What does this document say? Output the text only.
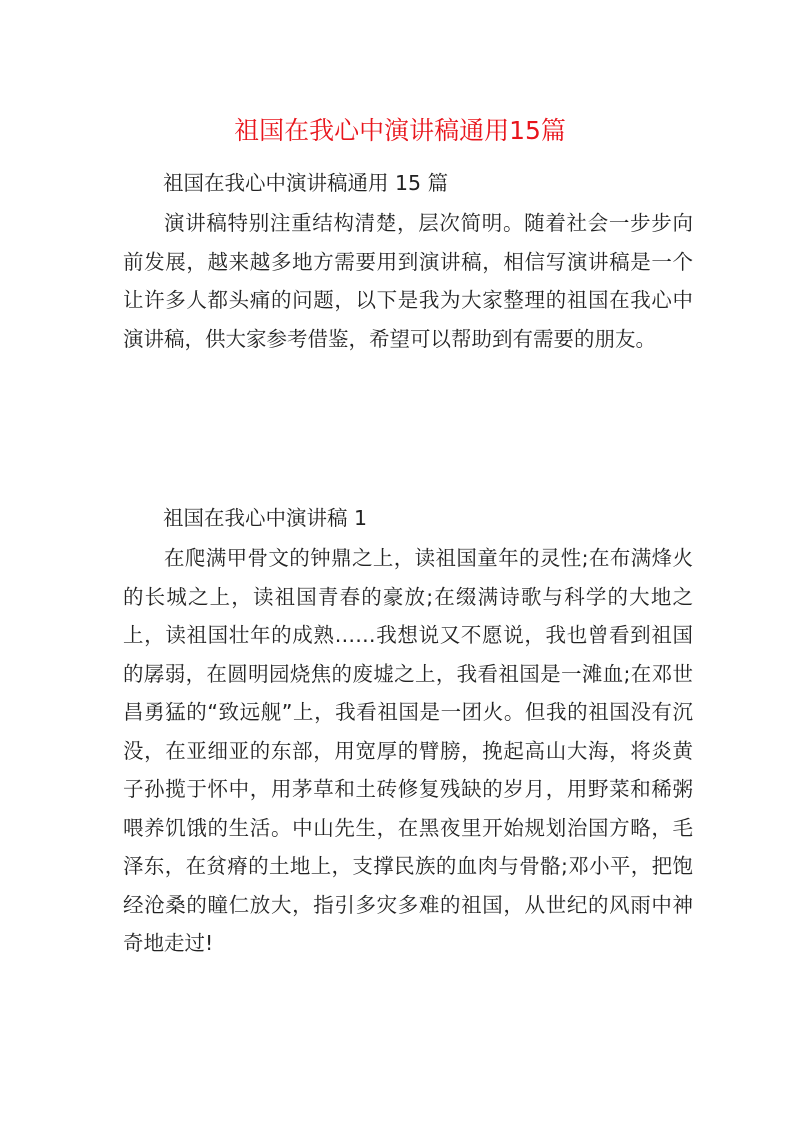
祖国在我心中演讲稿通用15篇

祖国在我心中演讲稿通用 15 篇

演讲稿特别注重结构清楚，层次简明。随着社会一步步向前发展，越来越多地方需要用到演讲稿，相信写演讲稿是一个让许多人都头痛的问题，以下是我为大家整理的祖国在我心中演讲稿，供大家参考借鉴，希望可以帮助到有需要的朋友。

祖国在我心中演讲稿 1

在爬满甲骨文的钟鼎之上，读祖国童年的灵性;在布满烽火的长城之上，读祖国青春的豪放;在缀满诗歌与科学的大地之上，读祖国壮年的成熟……我想说又不愿说，我也曾看到祖国的孱弱，在圆明园烧焦的废墟之上，我看祖国是一滩血;在邓世昌勇猛的“致远舰”上，我看祖国是一团火。但我的祖国没有沉没，在亚细亚的东部，用宽厚的臂膀，挽起高山大海，将炎黄子孙揽于怀中，用茅草和土砖修复残缺的岁月，用野菜和稀粥喂养饥饿的生活。中山先生，在黑夜里开始规划治国方略，毛泽东，在贫瘠的土地上，支撑民族的血肉与骨骼;邓小平，把饱经沧桑的瞳仁放大，指引多灾多难的祖国，从世纪的风雨中神奇地走过!
